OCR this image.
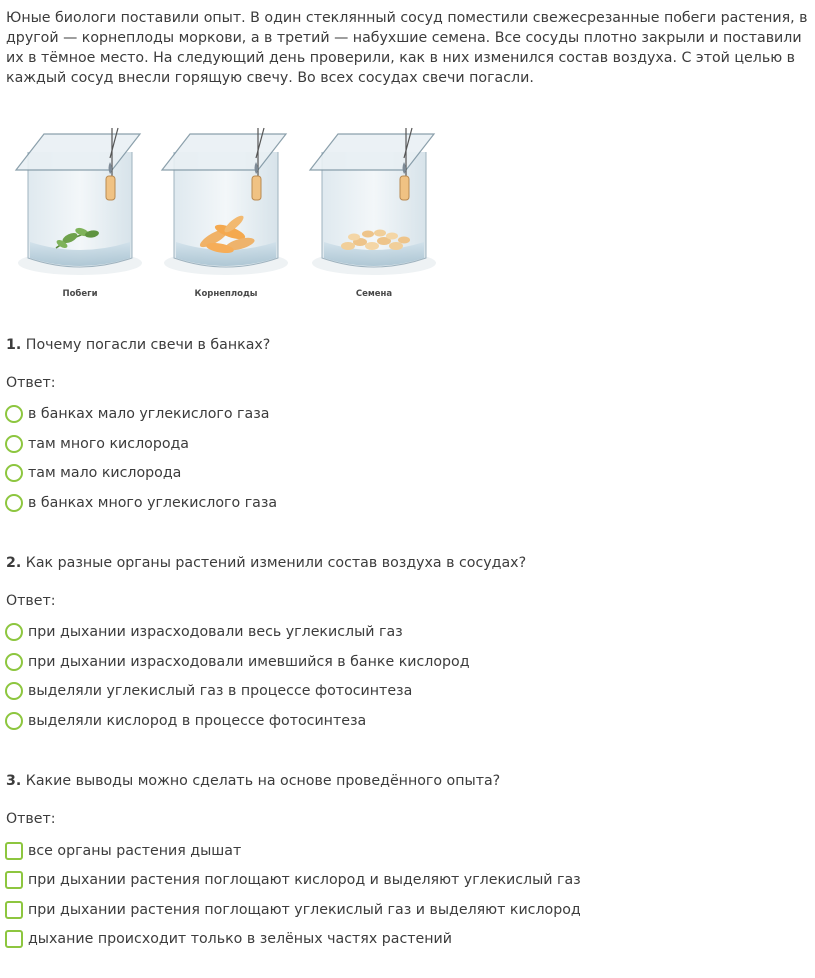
Юные биологи поставили опыт. В один стеклянный сосуд поместили свежесрезанные побеги растения, в другой — корнеплоды моркови, а в третий — набухшие семена. Все сосуды плотно закрыли и поставили их в тёмное место. На следующий день проверили, как в них изменился состав воздуха. С этой целью в каждый сосуд внесли горящую свечу. Во всех сосудах свечи погасли.

Побеги	Корнеплоды	Семена

1. Почему погасли свечи в банках?

Ответ:
в банках мало углекислого газа
там много кислорода
там мало кислорода
в банках много углекислого газа

2. Как разные органы растений изменили состав воздуха в сосудах?

Ответ:
при дыхании израсходовали весь углекислый газ
при дыхании израсходовали имевшийся в банке кислород
выделяли углекислый газ в процессе фотосинтеза
выделяли кислород в процессе фотосинтеза

3. Какие выводы можно сделать на основе проведённого опыта?

Ответ:
все органы растения дышат
при дыхании растения поглощают кислород и выделяют углекислый газ
при дыхании растения поглощают углекислый газ и выделяют кислород
дыхание происходит только в зелёных частях растений
